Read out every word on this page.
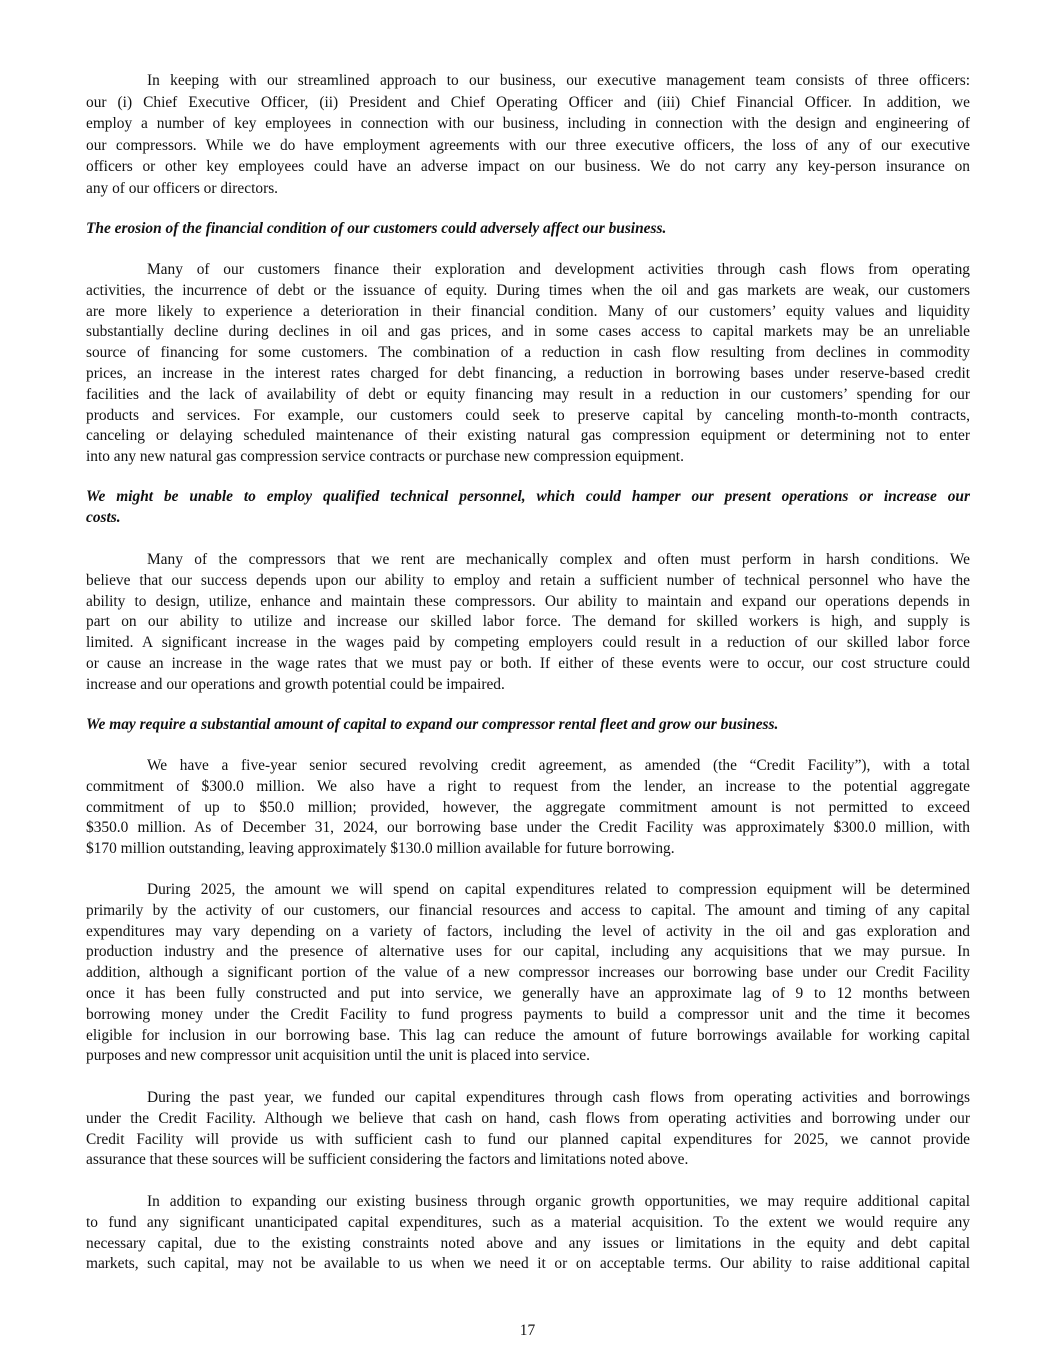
In keeping with our streamlined approach to our business, our executive management team consists of three officers:
our (i) Chief Executive Officer, (ii) President and Chief Operating Officer and (iii) Chief Financial Officer. In addition, we
employ a number of key employees in connection with our business, including in connection with the design and engineering of
our compressors. While we do have employment agreements with our three executive officers, the loss of any of our executive
officers or other key employees could have an adverse impact on our business. We do not carry any key-person insurance on
any of our officers or directors.
The erosion of the financial condition of our customers could adversely affect our business.
Many of our customers finance their exploration and development activities through cash flows from operating
activities, the incurrence of debt or the issuance of equity. During times when the oil and gas markets are weak, our customers
are more likely to experience a deterioration in their financial condition. Many of our customers’ equity values and liquidity
substantially decline during declines in oil and gas prices, and in some cases access to capital markets may be an unreliable
source of financing for some customers. The combination of a reduction in cash flow resulting from declines in commodity
prices, an increase in the interest rates charged for debt financing, a reduction in borrowing bases under reserve-based credit
facilities and the lack of availability of debt or equity financing may result in a reduction in our customers’ spending for our
products and services. For example, our customers could seek to preserve capital by canceling month-to-month contracts,
canceling or delaying scheduled maintenance of their existing natural gas compression equipment or determining not to enter
into any new natural gas compression service contracts or purchase new compression equipment.
We might be unable to employ qualified technical personnel, which could hamper our present operations or increase our
costs.
Many of the compressors that we rent are mechanically complex and often must perform in harsh conditions. We
believe that our success depends upon our ability to employ and retain a sufficient number of technical personnel who have the
ability to design, utilize, enhance and maintain these compressors. Our ability to maintain and expand our operations depends in
part on our ability to utilize and increase our skilled labor force. The demand for skilled workers is high, and supply is
limited. A significant increase in the wages paid by competing employers could result in a reduction of our skilled labor force
or cause an increase in the wage rates that we must pay or both. If either of these events were to occur, our cost structure could
increase and our operations and growth potential could be impaired.
We may require a substantial amount of capital to expand our compressor rental fleet and grow our business.
We have a five-year senior secured revolving credit agreement, as amended (the “Credit Facility”), with a total
commitment of $300.0 million. We also have a right to request from the lender, an increase to the potential aggregate
commitment of up to $50.0 million; provided, however, the aggregate commitment amount is not permitted to exceed
$350.0 million. As of December 31, 2024, our borrowing base under the Credit Facility was approximately $300.0 million, with
$170 million outstanding, leaving approximately $130.0 million available for future borrowing.
During 2025, the amount we will spend on capital expenditures related to compression equipment will be determined
primarily by the activity of our customers, our financial resources and access to capital. The amount and timing of any capital
expenditures may vary depending on a variety of factors, including the level of activity in the oil and gas exploration and
production industry and the presence of alternative uses for our capital, including any acquisitions that we may pursue. In
addition, although a significant portion of the value of a new compressor increases our borrowing base under our Credit Facility
once it has been fully constructed and put into service, we generally have an approximate lag of 9 to 12 months between
borrowing money under the Credit Facility to fund progress payments to build a compressor unit and the time it becomes
eligible for inclusion in our borrowing base. This lag can reduce the amount of future borrowings available for working capital
purposes and new compressor unit acquisition until the unit is placed into service.
During the past year, we funded our capital expenditures through cash flows from operating activities and borrowings
under the Credit Facility. Although we believe that cash on hand, cash flows from operating activities and borrowing under our
Credit Facility will provide us with sufficient cash to fund our planned capital expenditures for 2025, we cannot provide
assurance that these sources will be sufficient considering the factors and limitations noted above.
In addition to expanding our existing business through organic growth opportunities, we may require additional capital
to fund any significant unanticipated capital expenditures, such as a material acquisition. To the extent we would require any
necessary capital, due to the existing constraints noted above and any issues or limitations in the equity and debt capital
markets, such capital, may not be available to us when we need it or on acceptable terms. Our ability to raise additional capital
17
